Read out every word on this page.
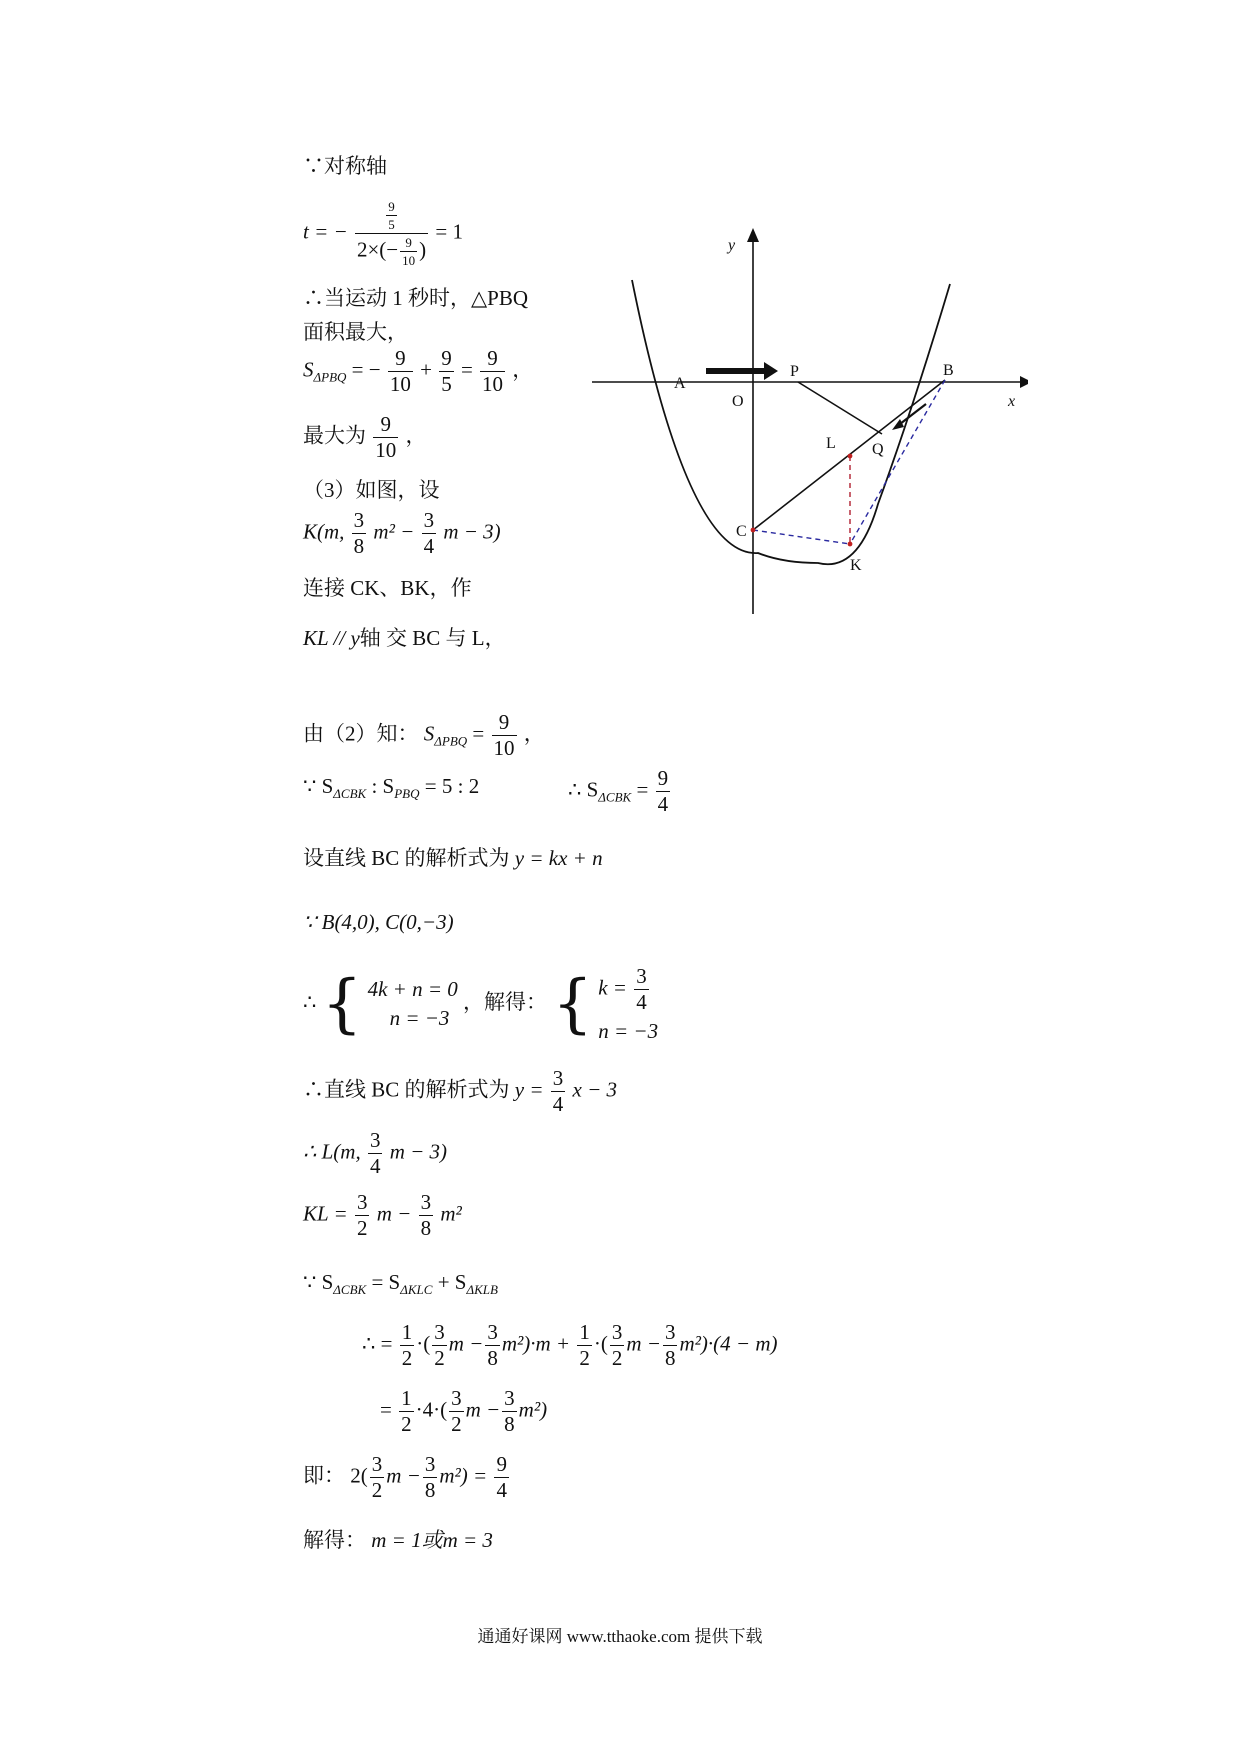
∵对称轴
t = − $\frac{\frac{9}{5}}{2\times(- \frac{9}{10} )} = 1$
∴当运动 1 秒时，△PBQ
面积最大，
$S_{\Delta PBQ}$ = − $\frac{9}{10} + \frac{9}{5} = \frac{9}{10}$ ，
最大为 $\frac{9}{10}$ ，
（3）如图，设
K(m, $\frac{3}{8} m^2 - \frac{3}{4}$ m − 3)
连接 CK、BK，作
KL // y轴 交 BC 与 L，
由（2）知： $S_{\Delta PBQ} = \frac{9}{10}$ ，
∵ $S_{\Delta CBK}$ : $S_{PBQ} = 5$ : 2	∴ $S_{\Delta CBK} = \frac{9}{4}$
设直线 BC 的解析式为 y = kx + n
∵ B(4,0), C(0,−3)
∴ { 4k + n = 0
n = −3
，解得： { $k = \frac{3}{4}$
n = −3
∴直线 BC 的解析式为 $y = \frac{3}{4}$ x − 3
∴ L(m, $\frac{3}{4}$ m − 3)
KL = $\frac{3}{2}$ $m - \frac{3}{8} m^2$
∵ $S_{\Delta CBK} = S_{\Delta KLC} + S_{\Delta KLB}$
∴ = $\frac{1}{2}$ ·( $\frac{3}{2}$ $m - \frac{3}{8} m^2)\cdot m + \frac{1}{2}$ ·( $\frac{3}{2}$ $m - \frac{3}{8} m^2)\cdot(4 - m)$
= $\frac{1}{2} \cdot 4\cdot( \frac{3}{2}$ $m - \frac{3}{8} m^2$)
即： $2( \frac{3}{2}$ $m - \frac{3}{8} m^2) = \frac{9}{4}$
解得： m = 1或m = 3
y
x
A
O
P	B
L Q
C
K
通通好课网 www.tthaoke.com 提供下载
